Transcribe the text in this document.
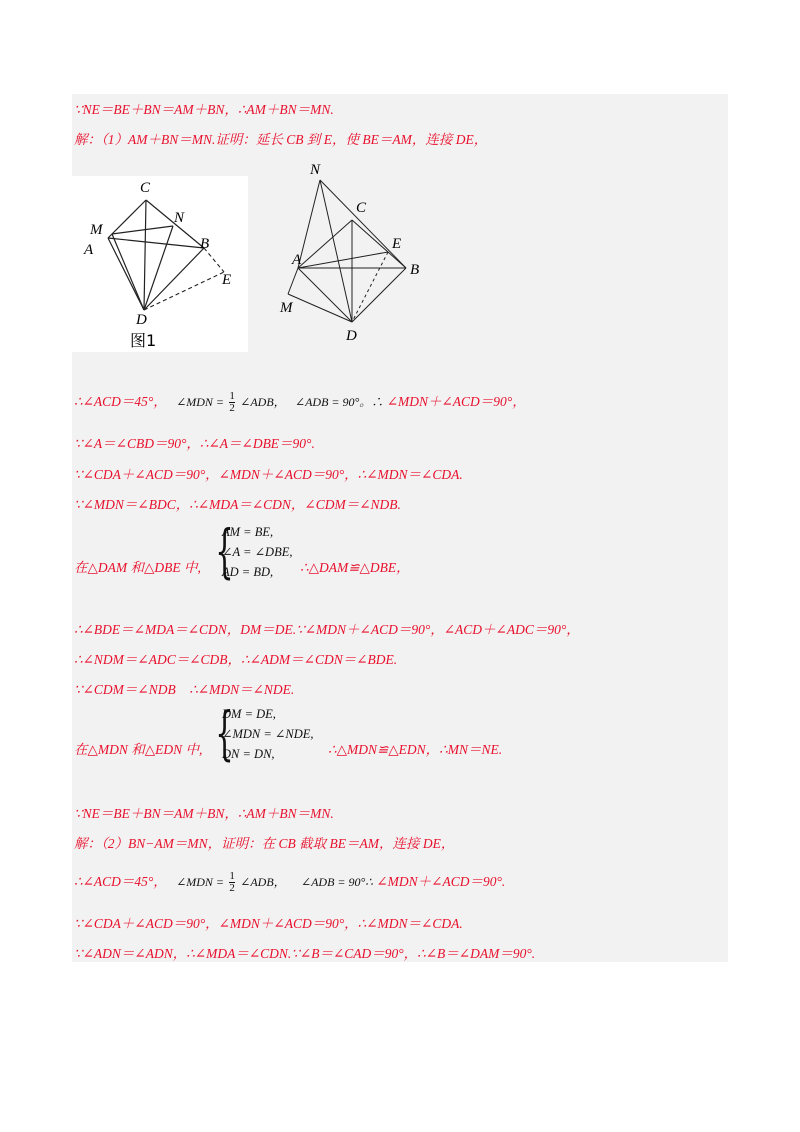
∵NE＝BE＋BN＝AM＋BN，∴AM＋BN＝MN.
解：（1）AM＋BN＝MN.证明：延长 CB 到 E，使 BE＝AM，连接 DE，
C
M
N
A	B
E
D
图1
N
C
E
A
B
M
D
∴∠ACD＝45°， ∠MDN = $\frac{1}{2}$ ∠ADB， ∠ADB = 90°。∴ ∠MDN＋∠ACD＝90°，
∵∠A＝∠CBD＝90°，∴∠A＝∠DBE＝90°.
∵∠CDA＋∠ACD＝90°，∠MDN＋∠ACD＝90°，∴∠MDN＝∠CDA.
∵∠MDN＝∠BDC，∴∠MDA＝∠CDN，∠CDM＝∠NDB.
在△DAM 和△DBE 中, {
AM = BE,
∠A = ∠DBE,
AD = BD,	∴△DAM≌△DBE，
∴∠BDE＝∠MDA＝∠CDN，DM＝DE.∵∠MDN＋∠ACD＝90°，∠ACD＋∠ADC＝90°，
∴∠NDM＝∠ADC＝∠CDB，∴∠ADM＝∠CDN＝∠BDE.
∵∠CDM＝∠NDB　∴∠MDN＝∠NDE.
在△MDN 和△EDN 中, {
DM = DE,
∠MDN = ∠NDE,
DN = DN,	∴△MDN≌△EDN，∴MN＝NE.
∵NE＝BE＋BN＝AM＋BN，∴AM＋BN＝MN.
解：（2）BN−AM＝MN，证明：在 CB 截取 BE＝AM，连接 DE，
∴∠ACD＝45°， ∠MDN = $\frac{1}{2}$ ∠ADB， ∠ADB = 90°∴ ∠MDN＋∠ACD＝90°.
∵∠CDA＋∠ACD＝90°，∠MDN＋∠ACD＝90°，∴∠MDN＝∠CDA.
∵∠ADN＝∠ADN，∴∠MDA＝∠CDN.∵∠B＝∠CAD＝90°，∴∠B＝∠DAM＝90°.
